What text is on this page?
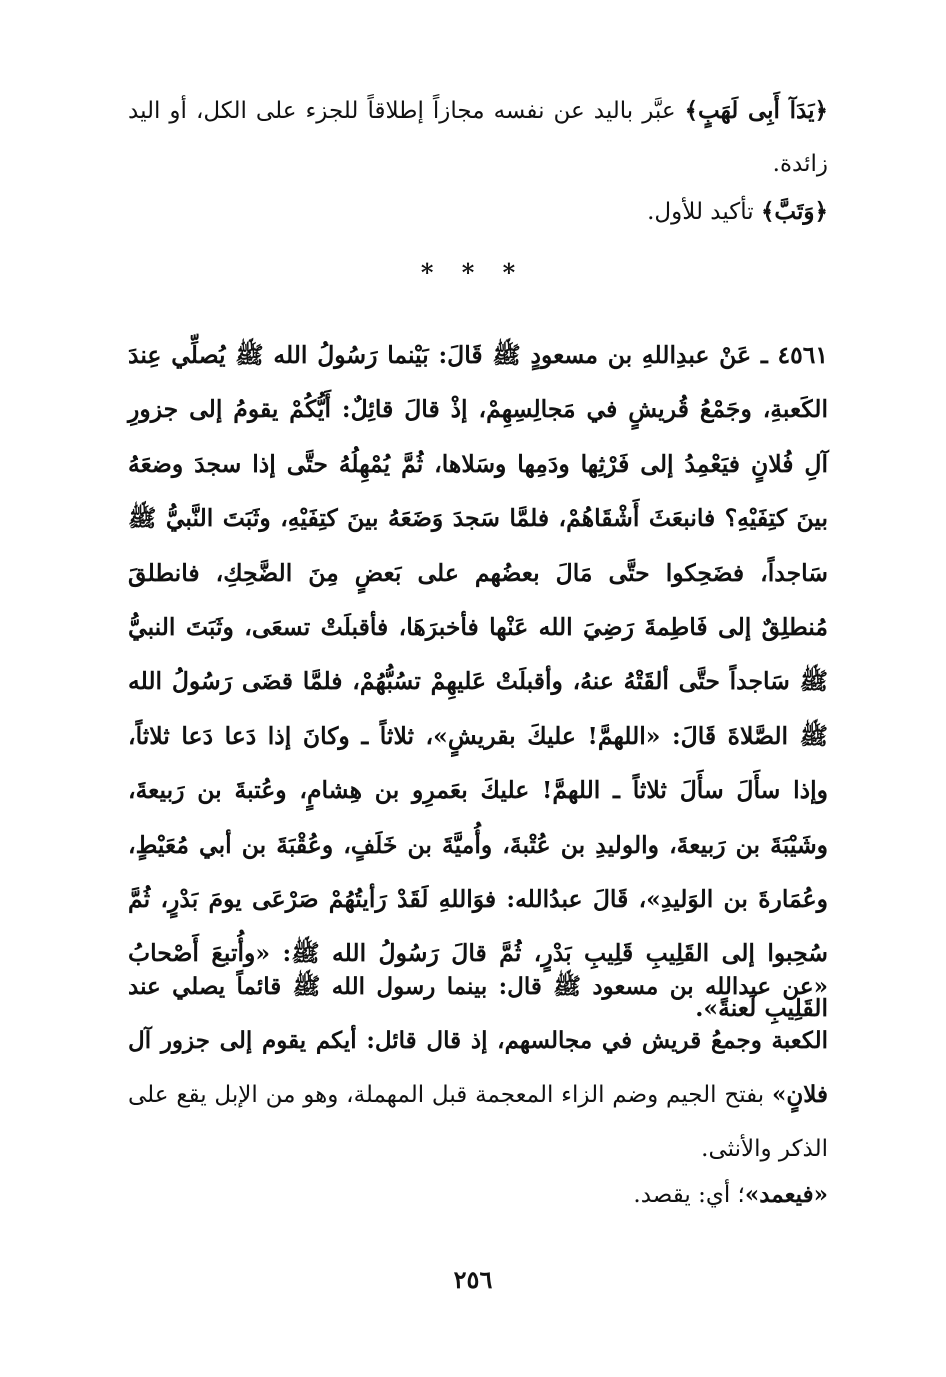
﴿يَدَآ أَبِى لَهَبٍ﴾ عبَّر باليد عن نفسه مجازاً إطلاقاً للجزء على الكل، أو اليد زائدة.
﴿وَتَبَّ﴾ تأكيد للأول.
* * *
٤٥٦١ ـ عَنْ عبدِاللهِ بن مسعودٍ ﷺ قَالَ: بَيْنما رَسُولُ الله ﷺ يُصلِّي عِندَ الكَعبةِ، وجَمْعُ قُريشٍ في مَجالِسِهِمْ، إذْ قالَ قائِلٌ: أَيُّكُمْ يقومُ إلى جزورِ آلِ فُلانٍ فيَعْمِدُ إلى فَرْثِها ودَمِها وسَلاها، ثُمَّ يُمْهِلُهُ حتَّى إذا سجدَ وضعَهُ بينَ كتِفَيْهِ؟ فانبعَثَ أَشْقَاهُمْ، فلمَّا سَجدَ وَضَعَهُ بينَ كتِفَيْهِ، وثَبَتَ النَّبيُّ ﷺ سَاجداً، فضَحِكوا حتَّى مَالَ بعضُهم على بَعضٍ مِنَ الضَّحِكِ، فانطلقَ مُنطلِقٌ إلى فَاطِمةَ رَضِيَ الله عَنْها فأخبرَهَا، فأقبلَتْ تسعَى، وثَبَتَ النبيُّ ﷺ سَاجداً حتَّى ألقَتْهُ عنهُ، وأقبلَتْ عَليهِمْ تسُبُّهُمْ، فلمَّا قضَى رَسُولُ الله ﷺ الصَّلاةَ قَالَ: «اللهمَّ! عليكَ بقريشٍ»، ثلاثاً ـ وكانَ إذا دَعا دَعا ثلاثاً، وإذا سأَلَ سأَلَ ثلاثاً ـ اللهمَّ! عليكَ بعَمرِو بن هِشامٍ، وعُتبةَ بن رَبيعةَ، وشَيْبَةَ بن رَبيعةَ، والوليدِ بن عُتْبةَ، وأُميَّةَ بن خَلَفٍ، وعُقْبَةَ بن أبي مُعَيْطٍ، وعُمَارةَ بن الوَليدِ»، قَالَ عبدُالله: فوَاللهِ لَقَدْ رَأيتُهُمْ صَرْعَى يومَ بَدْرٍ، ثُمَّ سُحِبوا إلى القَلِيبِ قَلِيبِ بَدْرٍ، ثُمَّ قالَ رَسُولُ الله ﷺ: «وأُتبعَ أَصْحابُ القَلِيبِ لَعنةً».
«عن عبدالله بن مسعود ﷺ قال: بينما رسول الله ﷺ قائماً يصلي عند الكعبة وجمعُ قريش في مجالسهم، إذ قال قائل: أيكم يقوم إلى جزور آل فلانٍ» بفتح الجيم وضم الزاء المعجمة قبل المهملة، وهو من الإبل يقع على الذكر والأنثى.
«فيعمد»؛ أي: يقصد.
٢٥٦
